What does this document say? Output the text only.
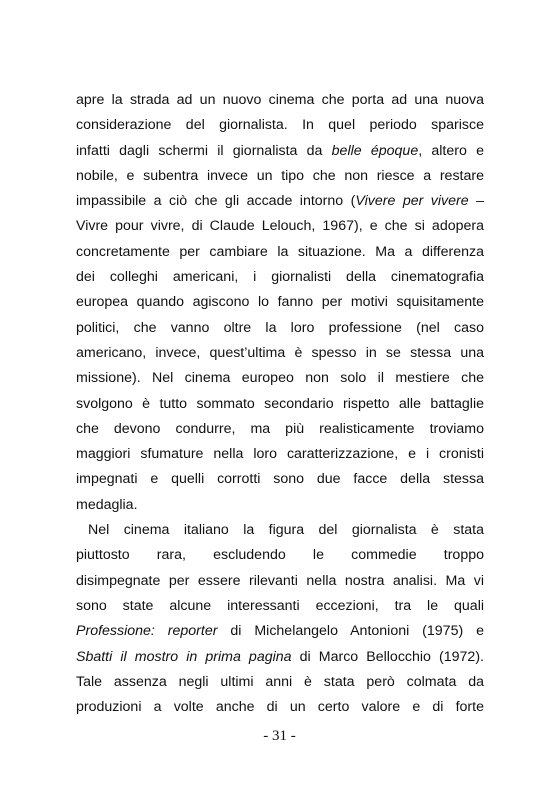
apre la strada ad un nuovo cinema che porta ad una nuova
considerazione del giornalista. In quel periodo sparisce
infatti dagli schermi il giornalista da belle époque, altero e
nobile, e subentra invece un tipo che non riesce a restare
impassibile a ciò che gli accade intorno (Vivere per vivere –
Vivre pour vivre, di Claude Lelouch, 1967), e che si adopera
concretamente per cambiare la situazione. Ma a differenza
dei colleghi americani, i giornalisti della cinematografia
europea quando agiscono lo fanno per motivi squisitamente
politici, che vanno oltre la loro professione (nel caso
americano, invece, quest’ultima è spesso in se stessa una
missione). Nel cinema europeo non solo il mestiere che
svolgono è tutto sommato secondario rispetto alle battaglie
che devono condurre, ma più realisticamente troviamo
maggiori sfumature nella loro caratterizzazione, e i cronisti
impegnati e quelli corrotti sono due facce della stessa
medaglia.
Nel cinema italiano la figura del giornalista è stata
piuttosto rara, escludendo le commedie troppo
disimpegnate per essere rilevanti nella nostra analisi. Ma vi
sono state alcune interessanti eccezioni, tra le quali
Professione: reporter di Michelangelo Antonioni (1975) e
Sbatti il mostro in prima pagina di Marco Bellocchio (1972).
Tale assenza negli ultimi anni è stata però colmata da
produzioni a volte anche di un certo valore e di forte
- 31 -
